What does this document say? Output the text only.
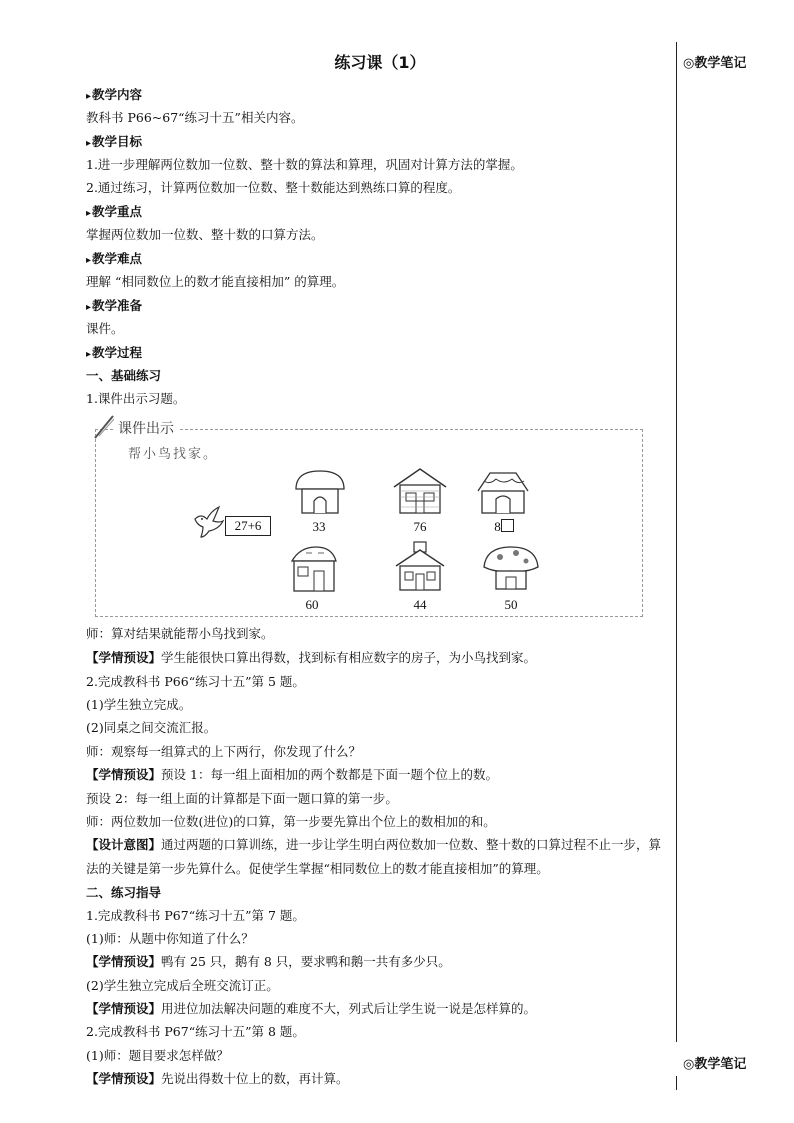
◎教学笔记
◎教学笔记
练习课（1）
▸ 教学内容
教科书 P66~67“练习十五”相关内容。
▸ 教学目标
1.进一步理解两位数加一位数、整十数的算法和算理，巩固对计算方法的掌握。
2.通过练习，计算两位数加一位数、整十数能达到熟练口算的程度。
▸ 教学重点
掌握两位数加一位数、整十数的口算方法。
▸ 教学难点
理解 “相同数位上的数才能直接相加” 的算理。
▸ 教学准备
课件。
▸ 教学过程
一、基础练习
1.课件出示习题。
课件出示
帮小鸟找家。
27+6	33	76	8
60	44	50
师：算对结果就能帮小鸟找到家。
【学情预设】学生能很快口算出得数，找到标有相应数字的房子，为小鸟找到家。
2.完成教科书 P66“练习十五”第 5 题。
(1)学生独立完成。
(2)同桌之间交流汇报。
师：观察每一组算式的上下两行，你发现了什么？
【学情预设】预设 1：每一组上面相加的两个数都是下面一题个位上的数。
预设 2：每一组上面的计算都是下面一题口算的第一步。
师：两位数加一位数(进位)的口算，第一步要先算出个位上的数相加的和。
【设计意图】通过两题的口算训练，进一步让学生明白两位数加一位数、整十数的口算过程不止一步，算法的关键是第一步先算什么。促使学生掌握“相同数位上的数才能直接相加”的算理。
二、练习指导
1.完成教科书 P67“练习十五”第 7 题。
(1)师：从题中你知道了什么？
【学情预设】鸭有 25 只，鹅有 8 只，要求鸭和鹅一共有多少只。
(2)学生独立完成后全班交流订正。
【学情预设】用进位加法解决问题的难度不大，列式后让学生说一说是怎样算的。
2.完成教科书 P67“练习十五”第 8 题。
(1)师：题目要求怎样做？
【学情预设】先说出得数十位上的数，再计算。
